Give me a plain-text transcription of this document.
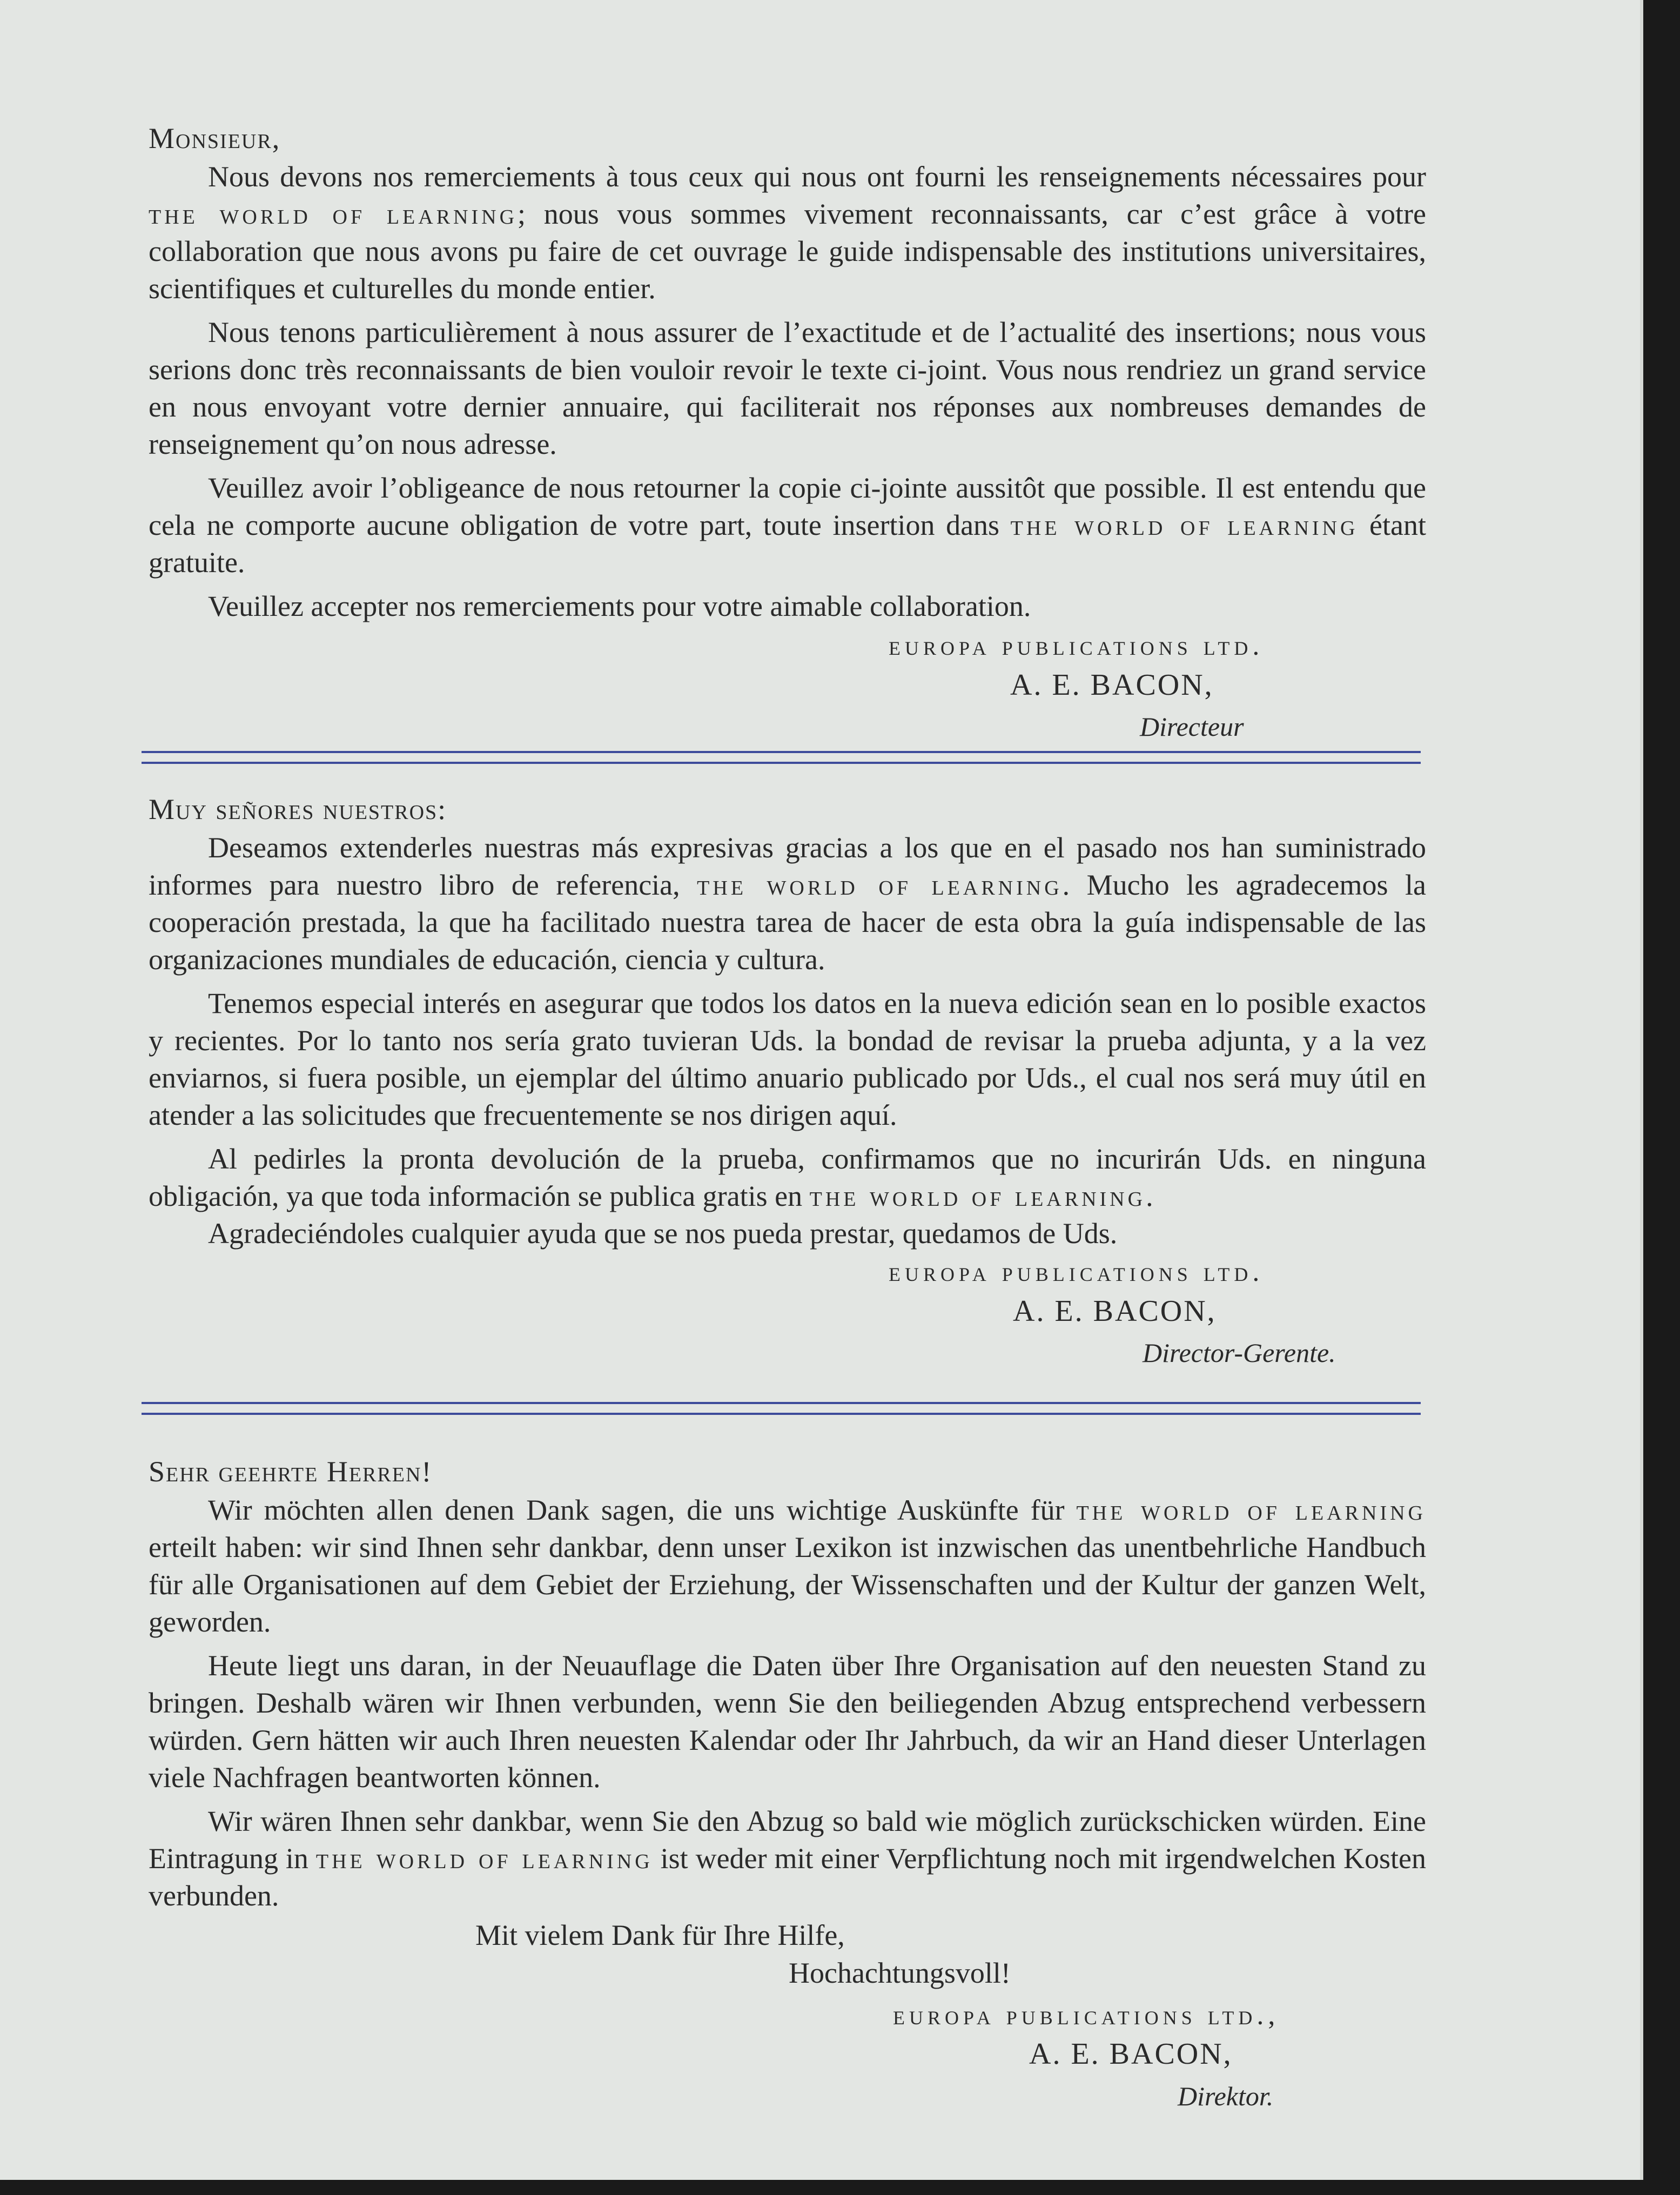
Monsieur,

Nous devons nos remerciements à tous ceux qui nous ont fourni les renseignements nécessaires pour the world of learning; nous vous sommes vivement reconnaissants, car c’est grâce à votre collaboration que nous avons pu faire de cet ouvrage le guide indispensable des institutions universitaires, scientifiques et culturelles du monde entier.

Nous tenons particulièrement à nous assurer de l’exactitude et de l’actualité des insertions; nous vous serions donc très reconnaissants de bien vouloir revoir le texte ci-joint. Vous nous rendriez un grand service en nous envoyant votre dernier annuaire, qui faciliterait nos réponses aux nombreuses demandes de renseignement qu’on nous adresse.

Veuillez avoir l’obligeance de nous retourner la copie ci-jointe aussitôt que possible. Il est entendu que cela ne comporte aucune obligation de votre part, toute insertion dans the world of learning étant gratuite.

Veuillez accepter nos remerciements pour votre aimable collaboration.

europa publications ltd.
A. E. BACON,
Directeur

Muy señores nuestros:

Deseamos extenderles nuestras más expresivas gracias a los que en el pasado nos han suministrado informes para nuestro libro de referencia, the world of learning. Mucho les agradecemos la cooperación prestada, la que ha facilitado nuestra tarea de hacer de esta obra la guía indispensable de las organizaciones mundiales de educación, ciencia y cultura.

Tenemos especial interés en asegurar que todos los datos en la nueva edición sean en lo posible exactos y recientes. Por lo tanto nos sería grato tuvieran Uds. la bondad de revisar la prueba adjunta, y a la vez enviarnos, si fuera posible, un ejemplar del último anuario publicado por Uds., el cual nos será muy útil en atender a las solicitudes que frecuentemente se nos dirigen aquí.

Al pedirles la pronta devolución de la prueba, confirmamos que no incurirán Uds. en ninguna obligación, ya que toda información se publica gratis en the world of learning.

Agradeciéndoles cualquier ayuda que se nos pueda prestar, quedamos de Uds.

europa publications ltd.
A. E. BACON,
Director-Gerente.

Sehr geehrte Herren!

Wir möchten allen denen Dank sagen, die uns wichtige Auskünfte für the world of learning erteilt haben: wir sind Ihnen sehr dankbar, denn unser Lexikon ist inzwischen das unentbehrliche Handbuch für alle Organisationen auf dem Gebiet der Erziehung, der Wissenschaften und der Kultur der ganzen Welt, geworden.

Heute liegt uns daran, in der Neuauflage die Daten über Ihre Organisation auf den neuesten Stand zu bringen. Deshalb wären wir Ihnen verbunden, wenn Sie den beiliegenden Abzug entsprechend verbessern würden. Gern hätten wir auch Ihren neuesten Kalendar oder Ihr Jahrbuch, da wir an Hand dieser Unterlagen viele Nachfragen beantworten können.

Wir wären Ihnen sehr dankbar, wenn Sie den Abzug so bald wie möglich zurückschicken würden. Eine Eintragung in the world of learning ist weder mit einer Verpflichtung noch mit irgendwelchen Kosten verbunden.

Mit vielem Dank für Ihre Hilfe,
Hochachtungsvoll!
europa publications ltd.,
A. E. BACON,
Direktor.
